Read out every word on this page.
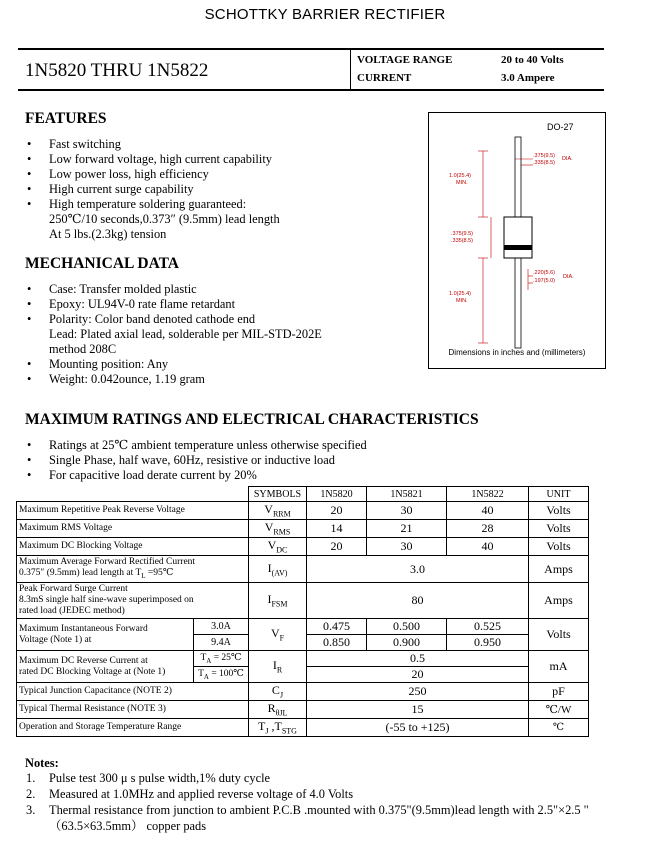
SCHOTTKY BARRIER RECTIFIER
1N5820 THRU 1N5822	VOLTAGE RANGE	20 to 40 Volts
CURRENT	3.0 Ampere
FEATURES
• Fast switching
• Low forward voltage, high current capability
• Low power loss, high efficiency
• High current surge capability
• High temperature soldering guaranteed:
250℃/10 seconds,0.373″ (9.5mm) lead length
At 5 lbs.(2.3kg) tension
MECHANICAL DATA
• Case: Transfer molded plastic
• Epoxy: UL94V-0 rate flame retardant
• Polarity: Color band denoted cathode end
Lead: Plated axial lead, solderable per MIL-STD-202E
method 208C
• Mounting position: Any
• Weight: 0.042ounce, 1.19 gram
DO-27
.375(9.5)
.335(8.5)
DIA.
1.0(25.4)
MIN.
.375(9.5)
.335(8.5)
.220(5.6)
.197(5.0)
DIA.
1.0(25.4)
MIN.
Dimensions in inches and (millimeters)
MAXIMUM RATINGS AND ELECTRICAL CHARACTERISTICS
• Ratings at 25℃ ambient temperature unless otherwise specified
• Single Phase, half wave, 60Hz, resistive or inductive load
• For capacitive load derate current by 20%
		SYMBOLS	1N5820	1N5821	1N5822	UNIT
Maximum Repetitive Peak Reverse Voltage		$V_{RRM}$	20	30	40	Volts
Maximum RMS Voltage		$V_{RMS}$	14	21	28	Volts
Maximum DC Blocking Voltage		$V_{DC}$	20	30	40	Volts

Maximum Average Forward Rectified Current
0.375″ (9.5mm) lead length at $T_L$ =95℃		$I_{(AV)}$	3.0			Amps

Peak Forward Surge Current
8.3mS single half sine-wave superimposed on
rated load (JEDEC method)		$I_{FSM}$	80			Amps

Maximum Instantaneous Forward
Voltage (Note 1) at	3.0A	$V_F$	0.475	0.500	0.525	Volts
	9.4A		0.850	0.900	0.950	

Maximum DC Reverse Current at
rated DC Blocking Voltage at (Note 1)	$T_A$ = 25℃	$I_R$	0.5			mA
	$T_A$ = 100℃		20			
Typical Junction Capacitance (NOTE 2)		$C_J$	250			pF
Typical Thermal Resistance (NOTE 3)		$R_{\theta JL}$	15			℃/W
Operation and Storage Temperature Range		$T_J$ $,T_{STG}$	(-55 to +125)			℃
Notes:
1. Pulse test 300 μ s pulse width,1% duty cycle
2. Measured at 1.0MHz and applied reverse voltage of 4.0 Volts
3. Thermal resistance from junction to ambient P.C.B .mounted with 0.375"(9.5mm)lead length with 2.5"×2.5 "
（63.5×63.5mm） copper pads
